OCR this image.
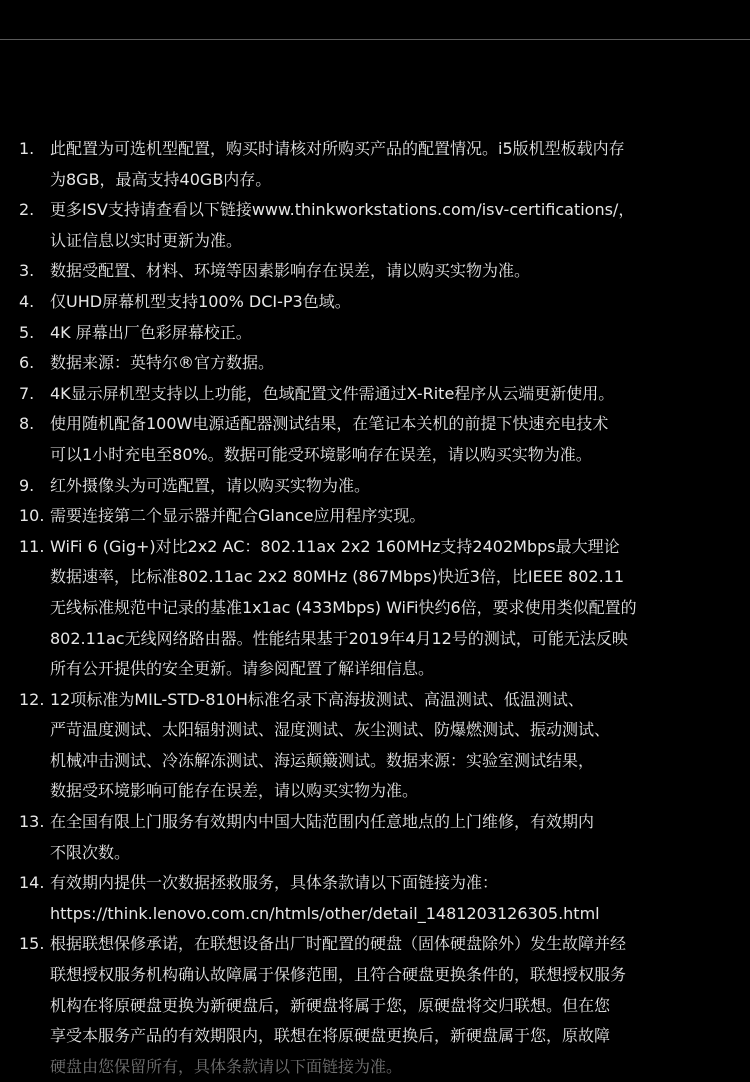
1. 此配置为可选机型配置，购买时请核对所购买产品的配置情况。i5版机型板载内存
为8GB，最高支持40GB内存。
2. 更多ISV支持请查看以下链接www.thinkworkstations.com/isv-certifications/，
认证信息以实时更新为准。
3. 数据受配置、材料、环境等因素影响存在误差，请以购买实物为准。
4. 仅UHD屏幕机型支持100% DCI-P3色域。
5. 4K 屏幕出厂色彩屏幕校正。
6. 数据来源：英特尔®官方数据。
7. 4K显示屏机型支持以上功能，色域配置文件需通过X-Rite程序从云端更新使用。
8. 使用随机配备100W电源适配器测试结果，在笔记本关机的前提下快速充电技术
可以1小时充电至80%。数据可能受环境影响存在误差，请以购买实物为准。
9. 红外摄像头为可选配置，请以购买实物为准。
10. 需要连接第二个显示器并配合Glance应用程序实现。
11. WiFi 6 (Gig+)对比2x2 AC：802.11ax 2x2 160MHz支持2402Mbps最大理论
数据速率，比标准802.11ac 2x2 80MHz (867Mbps)快近3倍，比IEEE 802.11
无线标准规范中记录的基准1x1ac (433Mbps) WiFi快约6倍，要求使用类似配置的
802.11ac无线网络路由器。性能结果基于2019年4月12号的测试，可能无法反映
所有公开提供的安全更新。请参阅配置了解详细信息。
12. 12项标准为MIL-STD-810H标准名录下高海拔测试、高温测试、低温测试、
严苛温度测试、太阳辐射测试、湿度测试、灰尘测试、防爆燃测试、振动测试、
机械冲击测试、冷冻解冻测试、海运颠簸测试。数据来源：实验室测试结果，
数据受环境影响可能存在误差，请以购买实物为准。
13. 在全国有限上门服务有效期内中国大陆范围内任意地点的上门维修，有效期内
不限次数。
14. 有效期内提供一次数据拯救服务，具体条款请以下面链接为准：
https://think.lenovo.com.cn/htmls/other/detail_1481203126305.html
15. 根据联想保修承诺，在联想设备出厂时配置的硬盘（固体硬盘除外）发生故障并经
联想授权服务机构确认故障属于保修范围，且符合硬盘更换条件的，联想授权服务
机构在将原硬盘更换为新硬盘后，新硬盘将属于您，原硬盘将交归联想。但在您
享受本服务产品的有效期限内，联想在将原硬盘更换后，新硬盘属于您，原故障
硬盘由您保留所有，具体条款请以下面链接为准。
